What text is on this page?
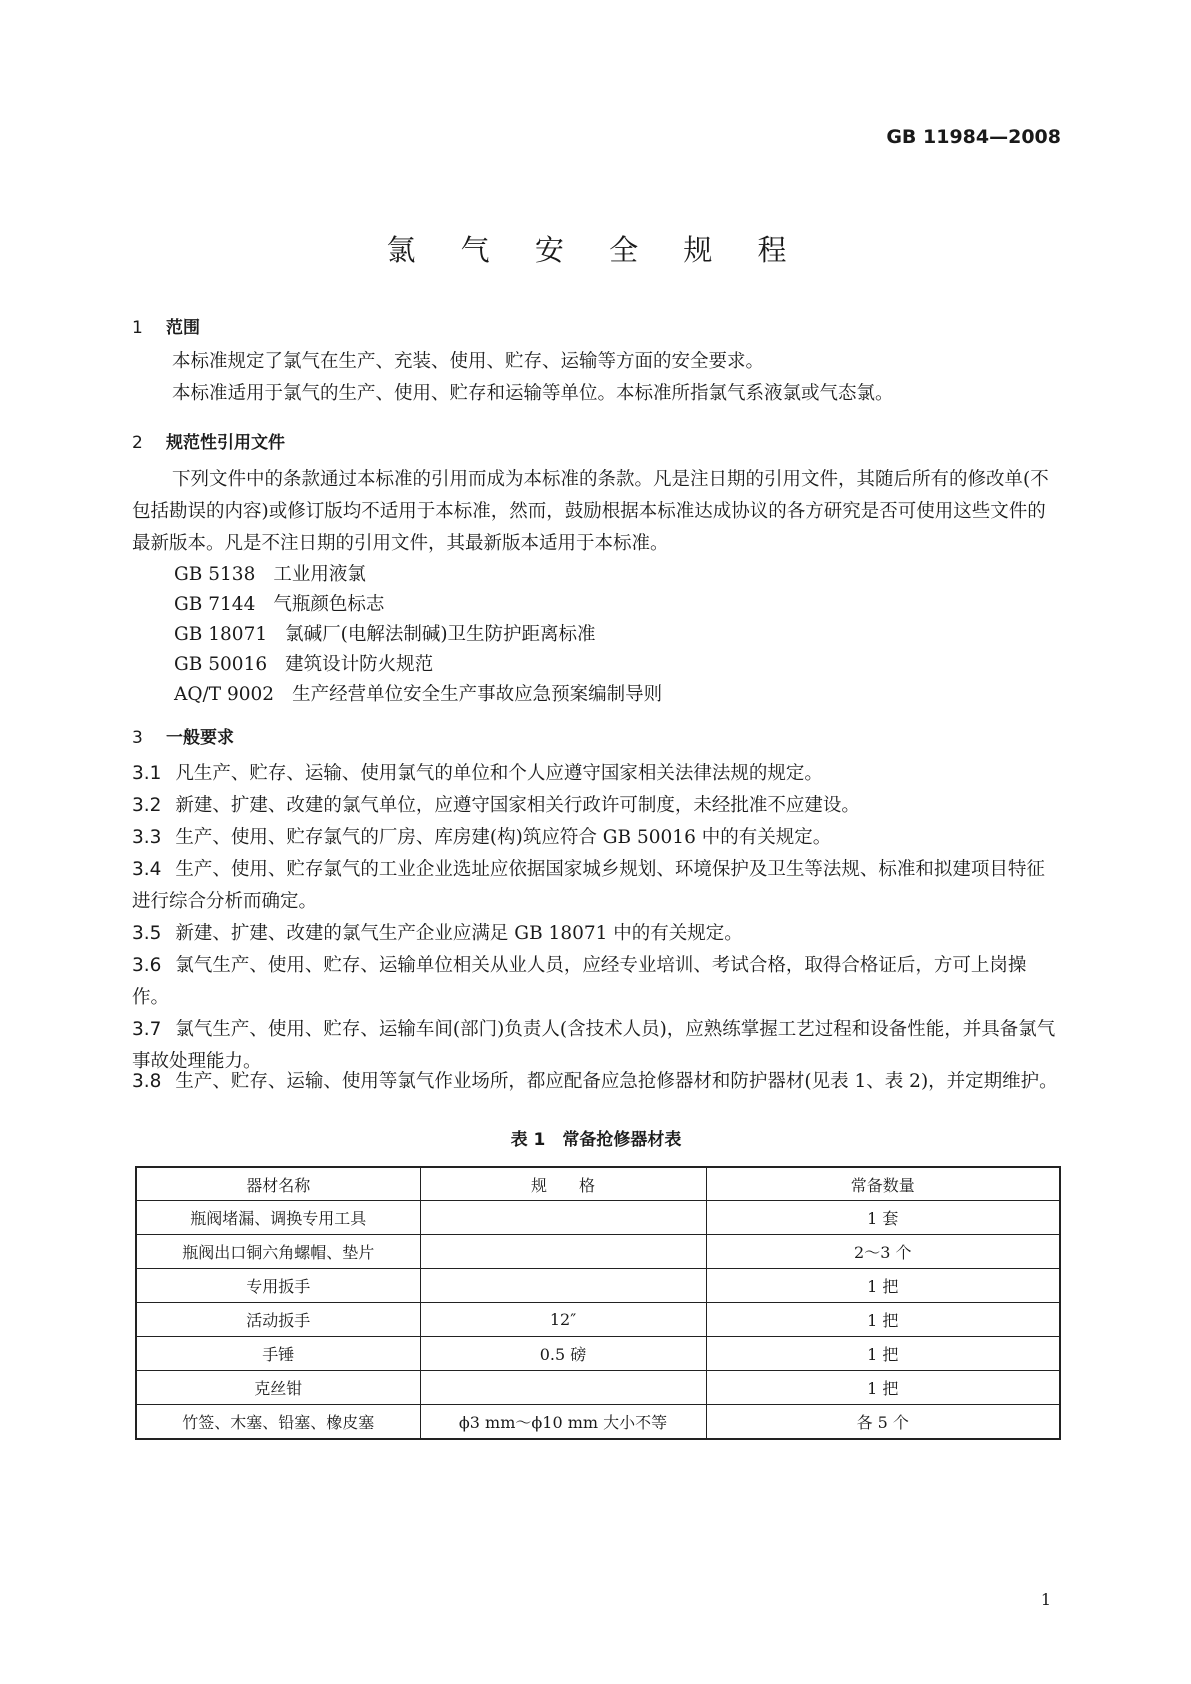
GB 11984—2008
氯 气 安 全 规 程
1 范围
本标准规定了氯气在生产、充装、使用、贮存、运输等方面的安全要求。
本标准适用于氯气的生产、使用、贮存和运输等单位。本标准所指氯气系液氯或气态氯。
2 规范性引用文件
下列文件中的条款通过本标准的引用而成为本标准的条款。凡是注日期的引用文件，其随后所有的修改单(不包括勘误的内容)或修订版均不适用于本标准，然而，鼓励根据本标准达成协议的各方研究是否可使用这些文件的最新版本。凡是不注日期的引用文件，其最新版本适用于本标准。
GB 5138 工业用液氯
GB 7144 气瓶颜色标志
GB 18071 氯碱厂(电解法制碱)卫生防护距离标准
GB 50016 建筑设计防火规范
AQ/T 9002 生产经营单位安全生产事故应急预案编制导则
3 一般要求
3.1 凡生产、贮存、运输、使用氯气的单位和个人应遵守国家相关法律法规的规定。
3.2 新建、扩建、改建的氯气单位，应遵守国家相关行政许可制度，未经批准不应建设。
3.3 生产、使用、贮存氯气的厂房、库房建(构)筑应符合 GB 50016 中的有关规定。
3.4 生产、使用、贮存氯气的工业企业选址应依据国家城乡规划、环境保护及卫生等法规、标准和拟建项目特征进行综合分析而确定。
3.5 新建、扩建、改建的氯气生产企业应满足 GB 18071 中的有关规定。
3.6 氯气生产、使用、贮存、运输单位相关从业人员，应经专业培训、考试合格，取得合格证后，方可上岗操作。
3.7 氯气生产、使用、贮存、运输车间(部门)负责人(含技术人员)，应熟练掌握工艺过程和设备性能，并具备氯气事故处理能力。
3.8 生产、贮存、运输、使用等氯气作业场所，都应配备应急抢修器材和防护器材(见表 1、表 2)，并定期维护。
表 1　常备抢修器材表
器材名称	规　　格	常备数量
瓶阀堵漏、调换专用工具		1 套
瓶阀出口铜六角螺帽、垫片		2～3 个
专用扳手		1 把
活动扳手	12″	1 把
手锤	0.5 磅	1 把
克丝钳		1 把
竹签、木塞、铅塞、橡皮塞	ϕ3 mm～ϕ10 mm 大小不等	各 5 个
1
